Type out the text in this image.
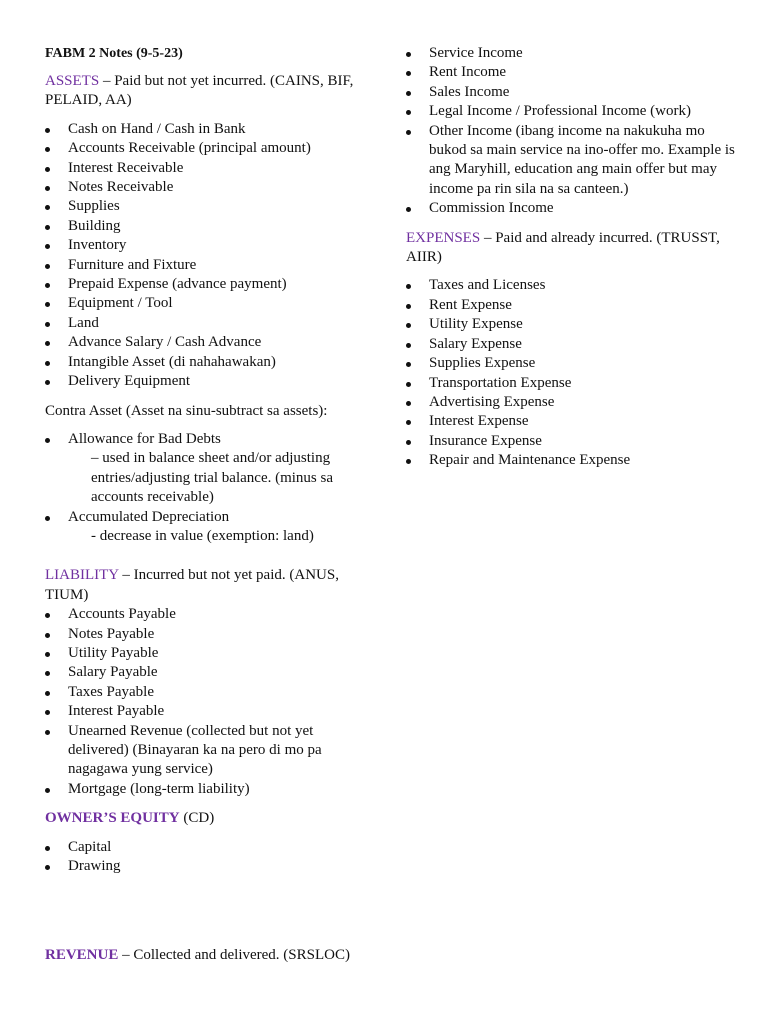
FABM 2 Notes (9-5-23)

ASSETS – Paid but not yet incurred. (CAINS, BIF, PELAID, AA)

Cash on Hand / Cash in Bank
Accounts Receivable (principal amount)
Interest Receivable
Notes Receivable
Supplies
Building
Inventory
Furniture and Fixture
Prepaid Expense (advance payment)
Equipment / Tool
Land
Advance Salary / Cash Advance
Intangible Asset (di nahahawakan)
Delivery Equipment

Contra Asset (Asset na sinu-subtract sa assets):

Allowance for Bad Debts
– used in balance sheet and/or adjusting entries/adjusting trial balance. (minus sa accounts receivable)
Accumulated Depreciation
- decrease in value (exemption: land)

LIABILITY – Incurred but not yet paid. (ANUS, TIUM)

Accounts Payable
Notes Payable
Utility Payable
Salary Payable
Taxes Payable
Interest Payable
Unearned Revenue (collected but not yet delivered) (Binayaran ka na pero di mo pa nagagawa yung service)
Mortgage (long-term liability)

OWNER’S EQUITY (CD)

Capital
Drawing

REVENUE – Collected and delivered. (SRSLOC)

Service Income
Rent Income
Sales Income
Legal Income / Professional Income (work)
Other Income (ibang income na nakukuha mo bukod sa main service na ino-offer mo. Example is ang Maryhill, education ang main offer but may income pa rin sila na sa canteen.)
Commission Income

EXPENSES – Paid and already incurred. (TRUSST, AIIR)

Taxes and Licenses
Rent Expense
Utility Expense
Salary Expense
Supplies Expense
Transportation Expense
Advertising Expense
Interest Expense
Insurance Expense
Repair and Maintenance Expense
